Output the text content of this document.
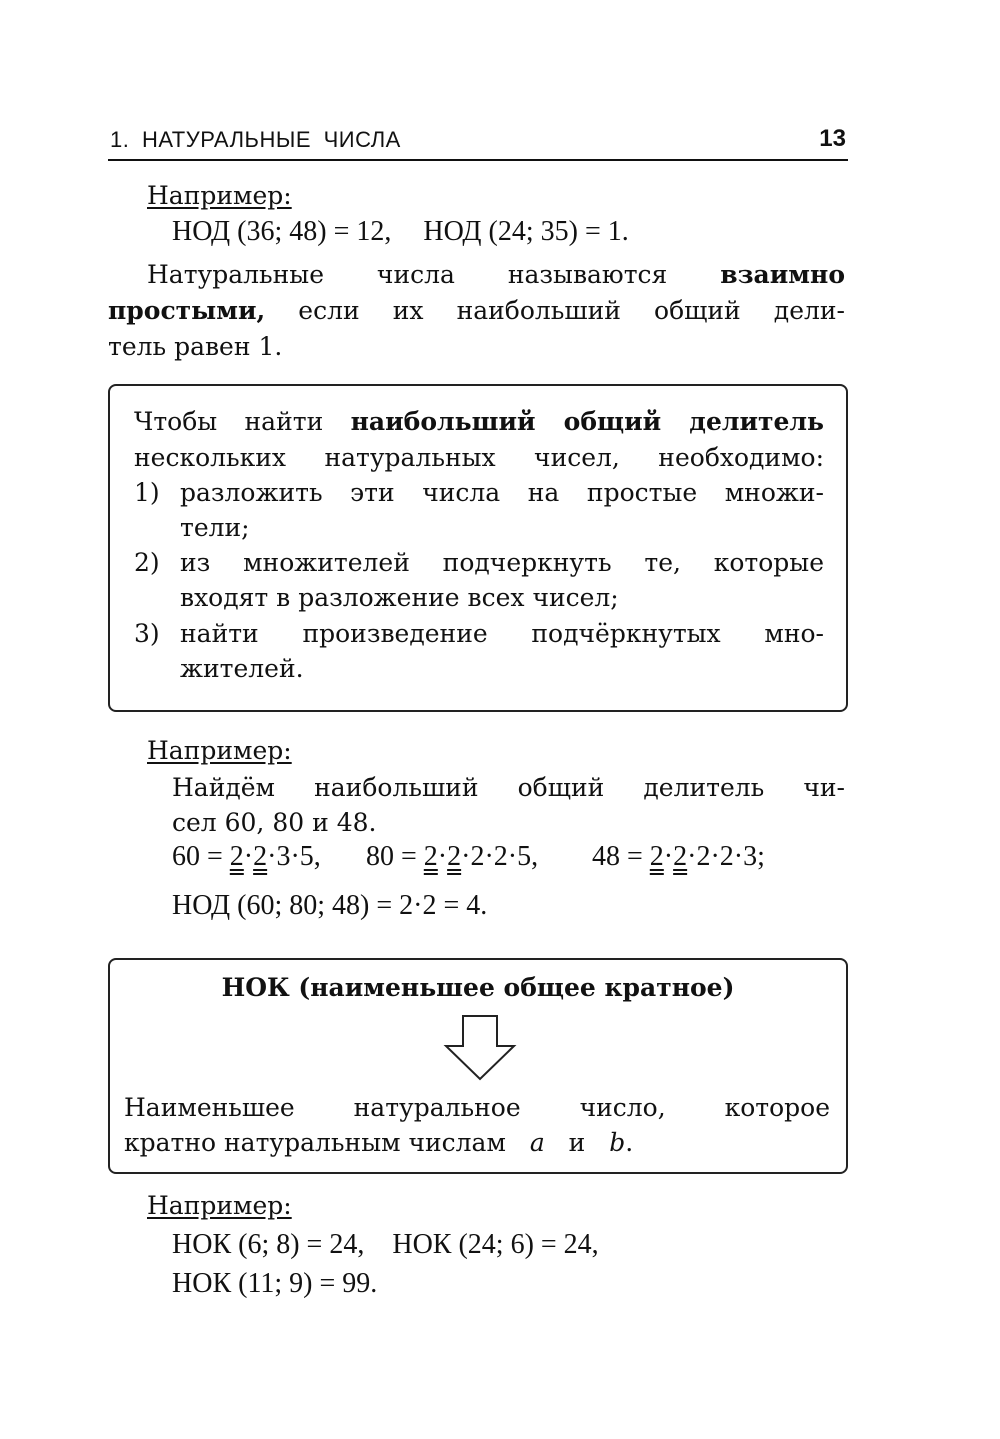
1. НАТУРАЛЬНЫЕ ЧИСЛА	13
Например:
НОД (36; 48) = 12, НОД (24; 35) = 1.
Натуральные числа называются взаимно
простыми, если их наибольший общий дели-
тель равен 1.
Чтобы найти наибольший общий делитель
нескольких натуральных чисел, необходимо:
1) разложить эти числа на простые множи-
тели;
2) из множителей подчеркнуть те, которые
входят в разложение всех чисел;
3) найти произведение подчёркнутых мно-
жителей.
Например:
Найдём наибольший общий делитель чи-
сел 60, 80 и 48.
60 = 2·2·3·5, 80 = 2·2·2·2·5, 48 = 2·2·2·2·3;
НОД (60; 80; 48) = 2·2 = 4.
НОК (наименьшее общее кратное)
Наименьшее натуральное число, которое
кратно натуральным числам a и b.
Например:
НОК (6; 8) = 24, НОК (24; 6) = 24,
НОК (11; 9) = 99.
